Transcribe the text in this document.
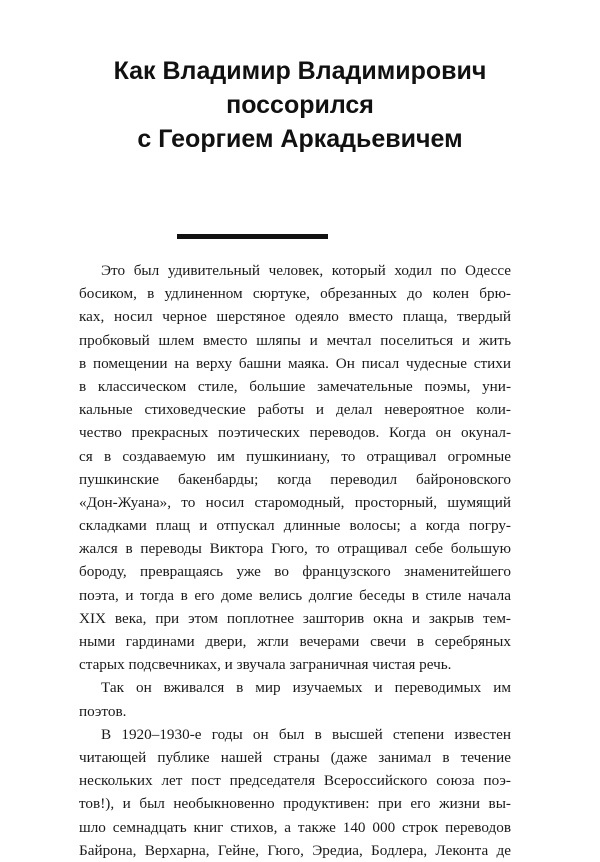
Как Владимир Владимирович
поссорился
с Георгием Аркадьевичем
Это был удивительный человек, который ходил по Одессе
босиком, в удлиненном сюртуке, обрезанных до колен брю-
ках, носил черное шерстяное одеяло вместо плаща, твердый
пробковый шлем вместо шляпы и мечтал поселиться и жить
в помещении на верху башни маяка. Он писал чудесные стихи
в классическом стиле, большие замечательные поэмы, уни-
кальные стиховедческие работы и делал невероятное коли-
чество прекрасных поэтических переводов. Когда он окунал-
ся в создаваемую им пушкиниану, то отращивал огромные
пушкинские бакенбарды; когда переводил байроновского
«Дон-Жуана», то носил старомодный, просторный, шумящий
складками плащ и отпускал длинные волосы; а когда погру-
жался в переводы Виктора Гюго, то отращивал себе большую
бороду, превращаясь уже во французского знаменитейшего
поэта, и тогда в его доме велись долгие беседы в стиле начала
XIX века, при этом поплотнее зашторив окна и закрыв тем-
ными гардинами двери, жгли вечерами свечи в серебряных
старых подсвечниках, и звучала заграничная чистая речь.
Так он вживался в мир изучаемых и переводимых им
поэтов.
В 1920–1930-е годы он был в высшей степени известен
читающей публике нашей страны (даже занимал в течение
нескольких лет пост председателя Всероссийского союза поэ-
тов!), и был необыкновенно продуктивен: при его жизни вы-
шло семнадцать книг стихов, а также 140 000 строк переводов
Байрона, Верхарна, Гейне, Гюго, Эредиа, Бодлера, Леконта де
